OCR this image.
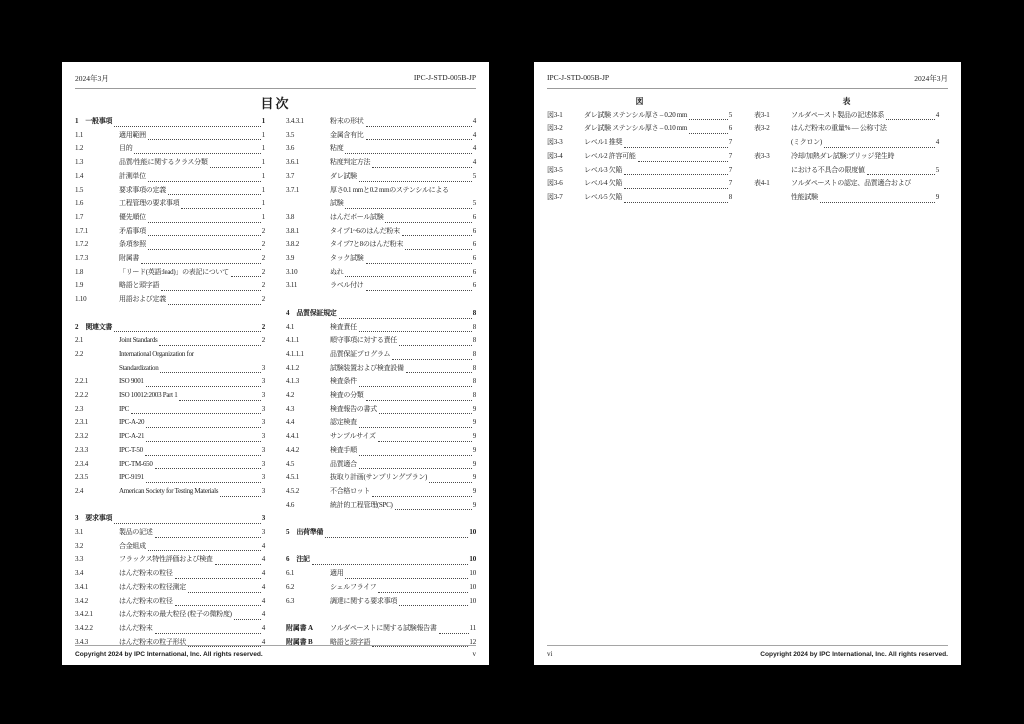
2024年3月	IPC-J-STD-005B-JP
目次
1 一般事項	1
1.1	適用範囲	1
1.2	目的	1
1.3	品質/性能に関するクラス分類	1
1.4	計測単位	1
1.5	要求事項の定義	1
1.6	工程管理の要求事項	1
1.7	優先順位	1
1.7.1	矛盾事項	2
1.7.2	条項参照	2
1.7.3	附属書	2
1.8	「リード(英語:lead)」の表記について	2
1.9	略語と頭字語	2
1.10	用語および定義	2
2 関連文書	2
2.1	Joint Standards	2
2.2	International Organization for
Standardization	3
2.2.1	ISO 9001	3
2.2.2	ISO 10012:2003 Part 1	3
2.3	IPC	3
2.3.1	IPC-A-20	3
2.3.2	IPC-A-21	3
2.3.3	IPC-T-50	3
2.3.4	IPC-TM-650	3
2.3.5	IPC-9191	3
2.4	American Society for Testing Materials	3
3 要求事項	3
3.1	製品の記述	3
3.2	合金組成	4
3.3	フラックス特性評価および検査	4
3.4	はんだ粉末の粒径	4
3.4.1	はんだ粉末の粒径測定	4
3.4.2	はんだ粉末の粒径	4
3.4.2.1	はんだ粉末の最大粒径 (粒子の微粉度)	4
3.4.2.2	はんだ粉末	4
3.4.3	はんだ粉末の粒子形状	4
3.4.3.1	粉末の形状	4
3.5	金属含有比	4
3.6	粘度	4
3.6.1	粘度判定方法	4
3.7	ダレ試験	5
3.7.1	厚さ0.1 mmと0.2 mmのステンシルによる
試験	5
3.8	はんだボール試験	6
3.8.1	タイプ1~6のはんだ粉末	6
3.8.2	タイプ7と8のはんだ粉末	6
3.9	タック試験	6
3.10	ぬれ	6
3.11	ラベル付け	6
4 品質保証規定	8
4.1	検査責任	8
4.1.1	順守事項に対する責任	8
4.1.1.1	品質保証プログラム	8
4.1.2	試験装置および検査設備	8
4.1.3	検査条件	8
4.2	検査の分類	8
4.3	検査報告の書式	9
4.4	認定検査	9
4.4.1	サンプルサイズ	9
4.4.2	検査手順	9
4.5	品質適合	9
4.5.1	抜取り計画(サンプリングプラン)	9
4.5.2	不合格ロット	9
4.6	統計的工程管理(SPC)	9
5 出荷準備	10
6 注記	10
6.1	適用	10
6.2	シェルフライフ	10
6.3	調達に関する要求事項	10
附属書 A	ソルダペーストに関する試験報告書	11
附属書 B	略語と頭字語	12
Copyright 2024 by IPC International, Inc. All rights reserved.	v
IPC-J-STD-005B-JP	2024年3月
図
図3-1	ダレ試験 ステンシル厚さ – 0.20 mm	5
図3-2	ダレ試験 ステンシル厚さ – 0.10 mm	6
図3-3	レベル1 推奨	7
図3-4	レベル2 許容可能	7
図3-5	レベル3 欠陥	7
図3-6	レベル4 欠陥	7
図3-7	レベル5 欠陥	8
表
表3-1	ソルダペースト製品の記述体系	4
表3-2	はんだ粉末の重量% — 公称寸法
(ミクロン)	4
表3-3	冷却/加熱ダレ試験:ブリッジ発生時
における不具合の限度値	5
表4-1	ソルダペーストの認定、品質適合および
性能試験	9
vi	Copyright 2024 by IPC International, Inc. All rights reserved.
